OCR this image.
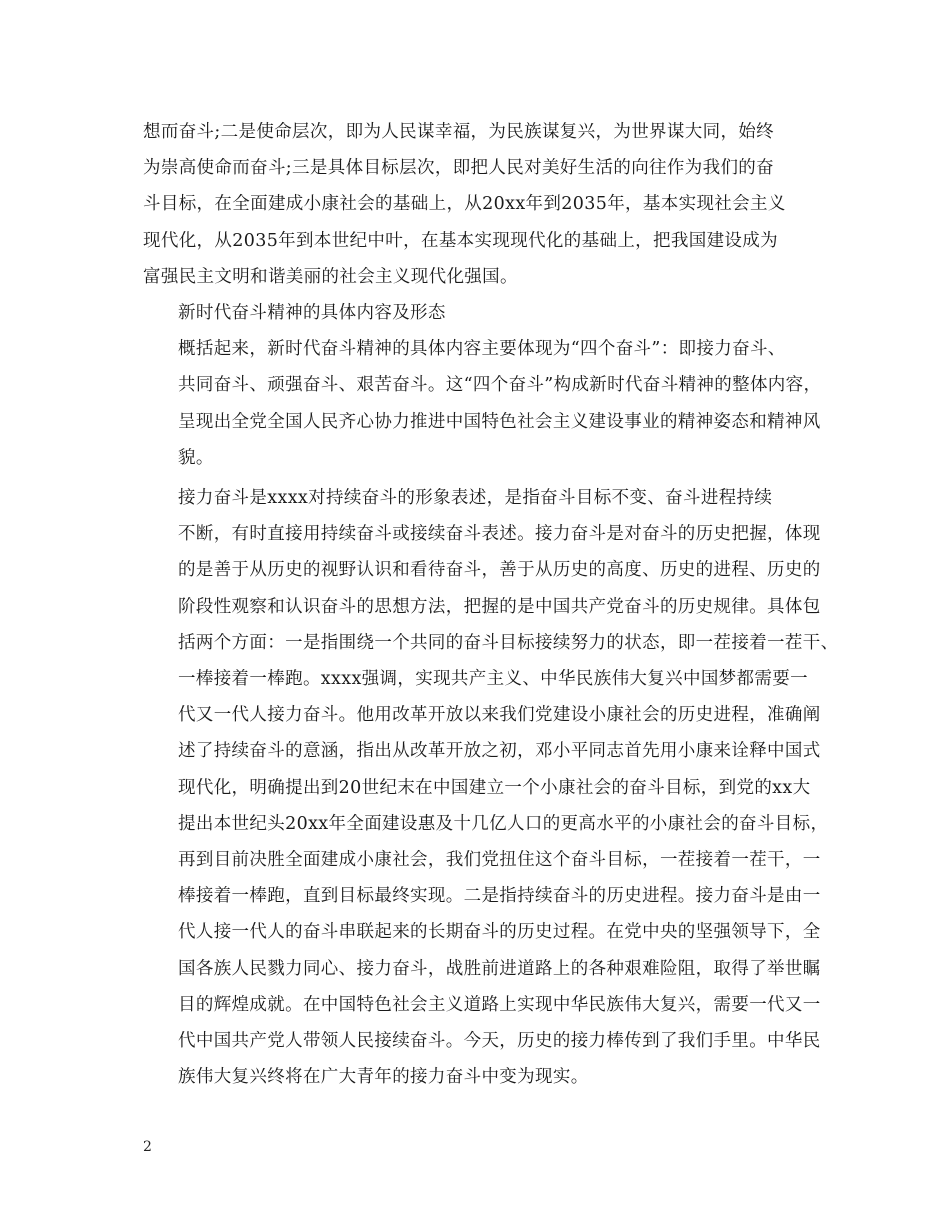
想而奋斗;二是使命层次，即为人民谋幸福，为民族谋复兴，为世界谋大同，始终
为崇高使命而奋斗;三是具体目标层次，即把人民对美好生活的向往作为我们的奋
斗目标，在全面建成小康社会的基础上，从20xx年到2035年，基本实现社会主义
现代化，从2035年到本世纪中叶，在基本实现现代化的基础上，把我国建设成为
富强民主文明和谐美丽的社会主义现代化强国。

新时代奋斗精神的具体内容及形态

概括起来，新时代奋斗精神的具体内容主要体现为“四个奋斗”：即接力奋斗、
共同奋斗、顽强奋斗、艰苦奋斗。这“四个奋斗”构成新时代奋斗精神的整体内容，
呈现出全党全国人民齐心协力推进中国特色社会主义建设事业的精神姿态和精神风
貌。

接力奋斗是xxxx对持续奋斗的形象表述，是指奋斗目标不变、奋斗进程持续
不断，有时直接用持续奋斗或接续奋斗表述。接力奋斗是对奋斗的历史把握，体现
的是善于从历史的视野认识和看待奋斗，善于从历史的高度、历史的进程、历史的
阶段性观察和认识奋斗的思想方法，把握的是中国共产党奋斗的历史规律。具体包
括两个方面：一是指围绕一个共同的奋斗目标接续努力的状态，即一茬接着一茬干、
一棒接着一棒跑。xxxx强调，实现共产主义、中华民族伟大复兴中国梦都需要一
代又一代人接力奋斗。他用改革开放以来我们党建设小康社会的历史进程，准确阐
述了持续奋斗的意涵，指出从改革开放之初，邓小平同志首先用小康来诠释中国式
现代化，明确提出到20世纪末在中国建立一个小康社会的奋斗目标，到党的xx大
提出本世纪头20xx年全面建设惠及十几亿人口的更高水平的小康社会的奋斗目标，
再到目前决胜全面建成小康社会，我们党扭住这个奋斗目标，一茬接着一茬干，一
棒接着一棒跑，直到目标最终实现。二是指持续奋斗的历史进程。接力奋斗是由一
代人接一代人的奋斗串联起来的长期奋斗的历史过程。在党中央的坚强领导下，全
国各族人民戮力同心、接力奋斗，战胜前进道路上的各种艰难险阻，取得了举世瞩
目的辉煌成就。在中国特色社会主义道路上实现中华民族伟大复兴，需要一代又一
代中国共产党人带领人民接续奋斗。今天，历史的接力棒传到了我们手里。中华民
族伟大复兴终将在广大青年的接力奋斗中变为现实。

2
